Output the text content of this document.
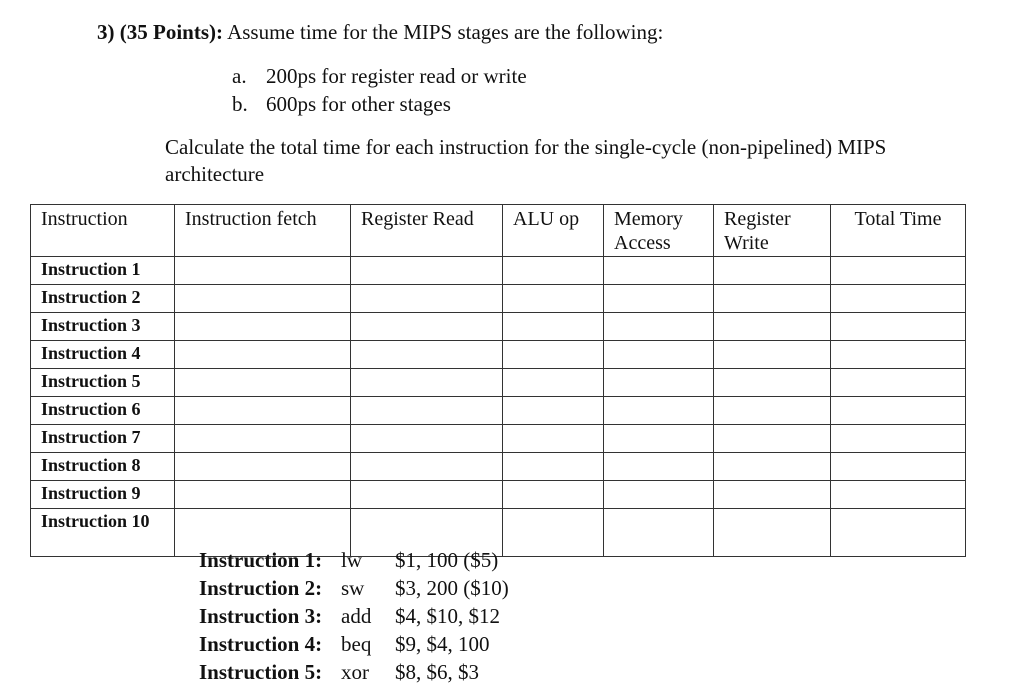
3) (35 Points): Assume time for the MIPS stages are the following:
a. 200ps for register read or write
b. 600ps for other stages
Calculate the total time for each instruction for the single-cycle (non-pipelined) MIPS architecture
Instruction	Instruction fetch	Register Read	ALU op	Memory Access	Register Write	Total Time
Instruction 1						
Instruction 2						
Instruction 3						
Instruction 4						
Instruction 5						
Instruction 6						
Instruction 7						
Instruction 8						
Instruction 9						
Instruction 10						
Instruction 1: lw $1, 100 ($5)
Instruction 2: sw $3, 200 ($10)
Instruction 3: add $4, $10, $12
Instruction 4: beq $9, $4, 100
Instruction 5: xor $8, $6, $3
